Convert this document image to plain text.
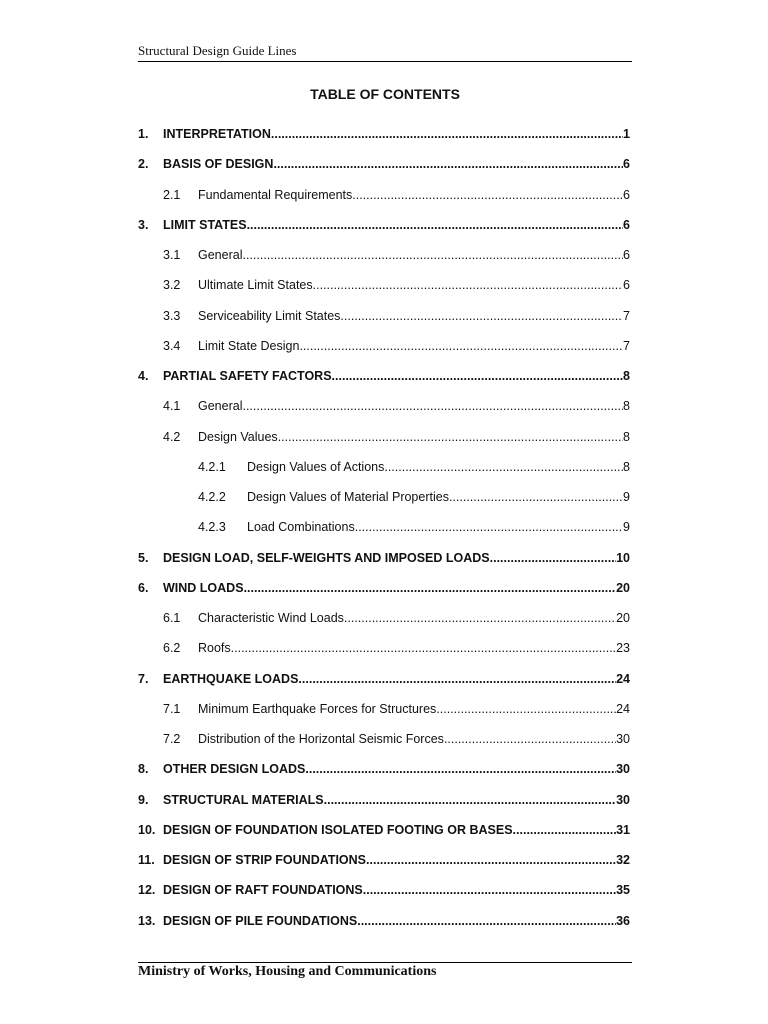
Structural Design Guide Lines
TABLE OF CONTENTS
1.	INTERPRETATION .....	1
2.	BASIS OF DESIGN .....	6
2.1	Fundamental Requirements .....	6
3.	LIMIT STATES .....	6
3.1	General .....	6
3.2	Ultimate Limit States .....	6
3.3	Serviceability Limit States .....	7
3.4	Limit State Design .....	7
4.	PARTIAL SAFETY FACTORS .....	8
4.1	General .....	8
4.2	Design Values .....	8
4.2.1	Design Values of Actions .....	8
4.2.2	Design Values of Material Properties .....	9
4.2.3	Load Combinations .....	9
5.	DESIGN LOAD, SELF-WEIGHTS AND IMPOSED LOADS .....	10
6.	WIND LOADS .....	20
6.1	Characteristic Wind Loads .....	20
6.2	Roofs .....	23
7.	EARTHQUAKE LOADS .....	24
7.1	Minimum Earthquake Forces for Structures .....	24
7.2	Distribution of the Horizontal Seismic Forces .....	30
8.	OTHER DESIGN LOADS .....	30
9.	STRUCTURAL MATERIALS .....	30
10. DESIGN OF FOUNDATION ISOLATED FOOTING OR BASES .....	31
11. DESIGN OF STRIP FOUNDATIONS .....	32
12. DESIGN OF RAFT FOUNDATIONS .....	35
13. DESIGN OF PILE FOUNDATIONS .....	36
Ministry of Works, Housing and Communications
